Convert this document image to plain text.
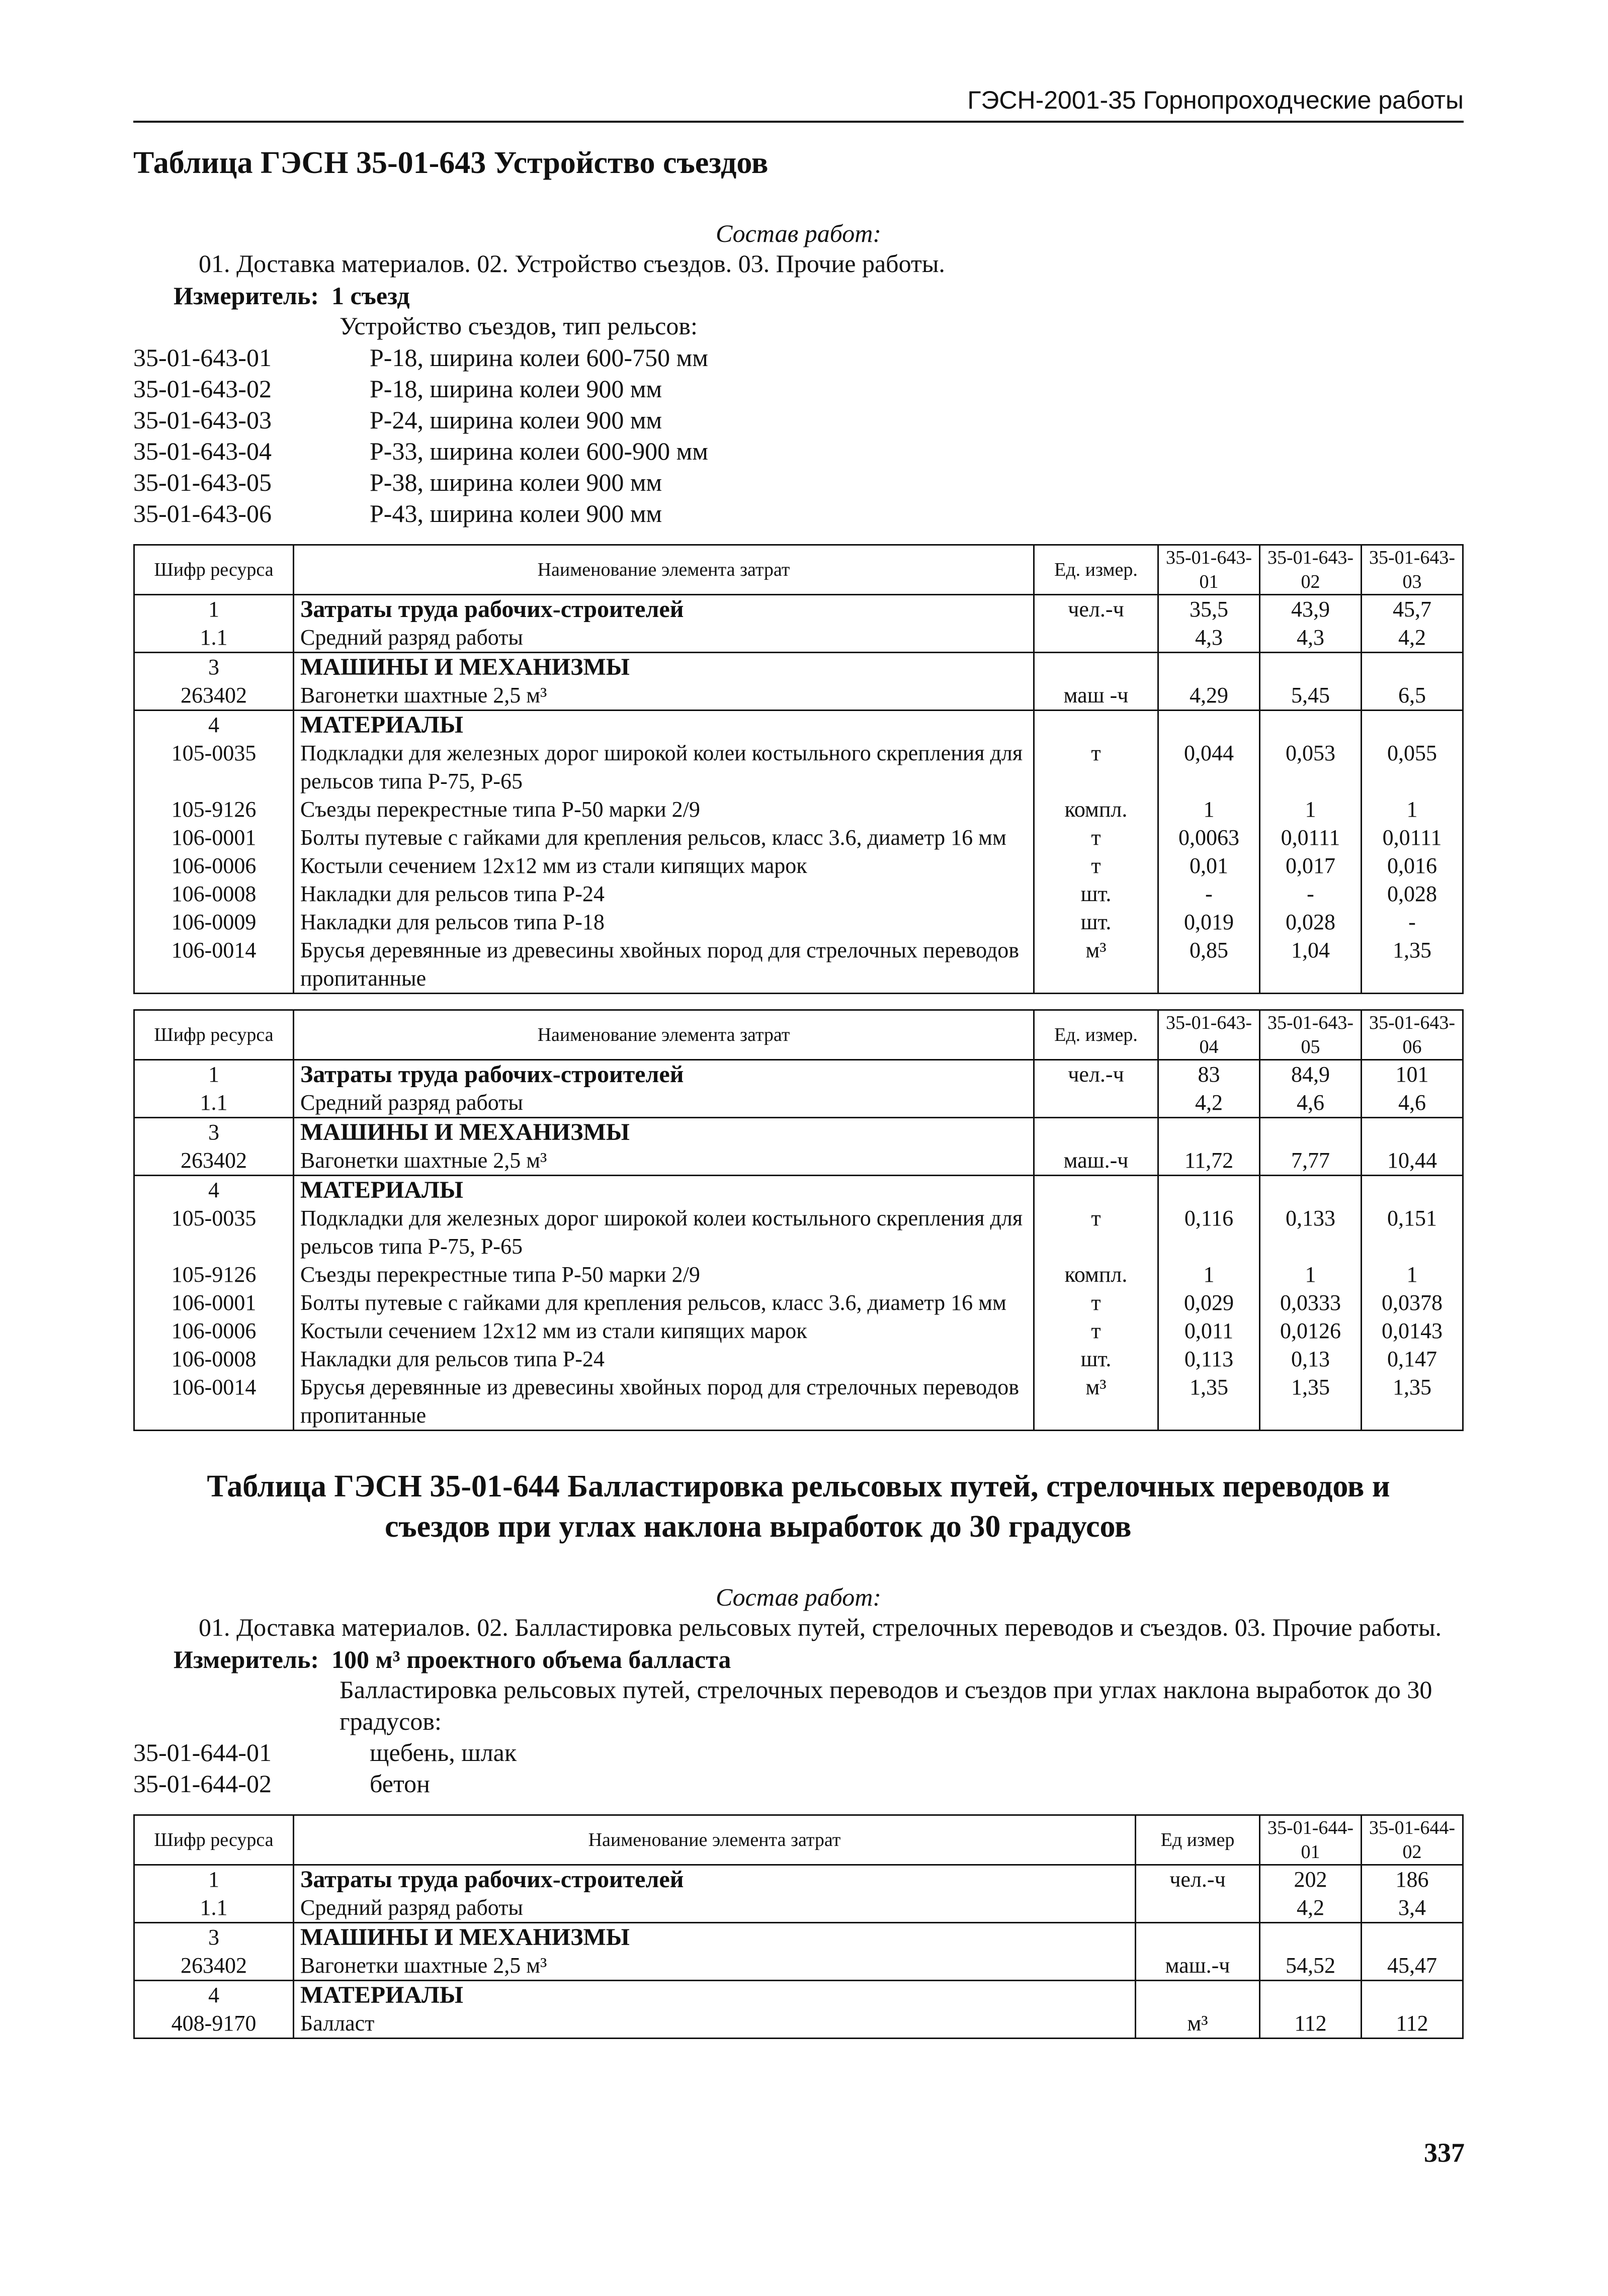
ГЭСН-2001-35 Горнопроходческие работы
Таблица ГЭСН 35-01-643 Устройство съездов
Состав работ:
01. Доставка материалов. 02. Устройство съездов. 03. Прочие работы.
Измеритель: 1 съезд
Устройство съездов, тип рельсов:
35-01-643-01	Р-18, ширина колеи 600-750 мм
35-01-643-02	Р-18, ширина колеи 900 мм
35-01-643-03	Р-24, ширина колеи 900 мм
35-01-643-04	Р-33, ширина колеи 600-900 мм
35-01-643-05	Р-38, ширина колеи 900 мм
35-01-643-06	Р-43, ширина колеи 900 мм
Шифр ресурса	Наименование элемента затрат	Ед. измер.	35-01-643-01	35-01-643-02	35-01-643-03
1	Затраты труда рабочих-строителей	чел.-ч	35,5	43,9	45,7
1.1	Средний разряд работы		4,3	4,3	4,2
3	МАШИНЫ И МЕХАНИЗМЫ				
263402	Вагонетки шахтные 2,5 м³	маш -ч	4,29	5,45	6,5
4	МАТЕРИАЛЫ				
105-0035	Подкладки для железных дорог широкой колеи костыльного скрепления для рельсов типа Р-75, Р-65	т	0,044	0,053	0,055
105-9126	Съезды перекрестные типа Р-50 марки 2/9	компл.	1	1	1
106-0001	Болты путевые с гайками для крепления рельсов, класс 3.6, диаметр 16 мм	т	0,0063	0,0111	0,0111
106-0006	Костыли сечением 12х12 мм из стали кипящих марок	т	0,01	0,017	0,016
106-0008	Накладки для рельсов типа Р-24	шт.	-	-	0,028
106-0009	Накладки для рельсов типа Р-18	шт.	0,019	0,028	-
106-0014	Брусья деревянные из древесины хвойных пород для стрелочных переводов пропитанные	м³	0,85	1,04	1,35
Шифр ресурса	Наименование элемента затрат	Ед. измер.	35-01-643-04	35-01-643-05	35-01-643-06
1	Затраты труда рабочих-строителей	чел.-ч	83	84,9	101
1.1	Средний разряд работы		4,2	4,6	4,6
3	МАШИНЫ И МЕХАНИЗМЫ				
263402	Вагонетки шахтные 2,5 м³	маш.-ч	11,72	7,77	10,44
4	МАТЕРИАЛЫ				
105-0035	Подкладки для железных дорог широкой колеи костыльного скрепления для рельсов типа Р-75, Р-65	т	0,116	0,133	0,151
105-9126	Съезды перекрестные типа Р-50 марки 2/9	компл.	1	1	1
106-0001	Болты путевые с гайками для крепления рельсов, класс 3.6, диаметр 16 мм	т	0,029	0,0333	0,0378
106-0006	Костыли сечением 12х12 мм из стали кипящих марок	т	0,011	0,0126	0,0143
106-0008	Накладки для рельсов типа Р-24	шт.	0,113	0,13	0,147
106-0014	Брусья деревянные из древесины хвойных пород для стрелочных переводов пропитанные	м³	1,35	1,35	1,35
Таблица ГЭСН 35-01-644 Балластировка рельсовых путей, стрелочных переводов и
съездов при углах наклона выработок до 30 градусов
Состав работ:
01. Доставка материалов. 02. Балластировка рельсовых путей, стрелочных переводов и съездов. 03. Прочие работы.
Измеритель: 100 м³ проектного объема балласта
Балластировка рельсовых путей, стрелочных переводов и съездов при углах наклона выработок до 30 градусов:
35-01-644-01	щебень, шлак
35-01-644-02	бетон
Шифр ресурса	Наименование элемента затрат	Ед измер	35-01-644-01	35-01-644-02
1	Затраты труда рабочих-строителей	чел.-ч	202	186
1.1	Средний разряд работы		4,2	3,4
3	МАШИНЫ И МЕХАНИЗМЫ			
263402	Вагонетки шахтные 2,5 м³	маш.-ч	54,52	45,47
4	МАТЕРИАЛЫ			
408-9170	Балласт	м³	112	112
337
